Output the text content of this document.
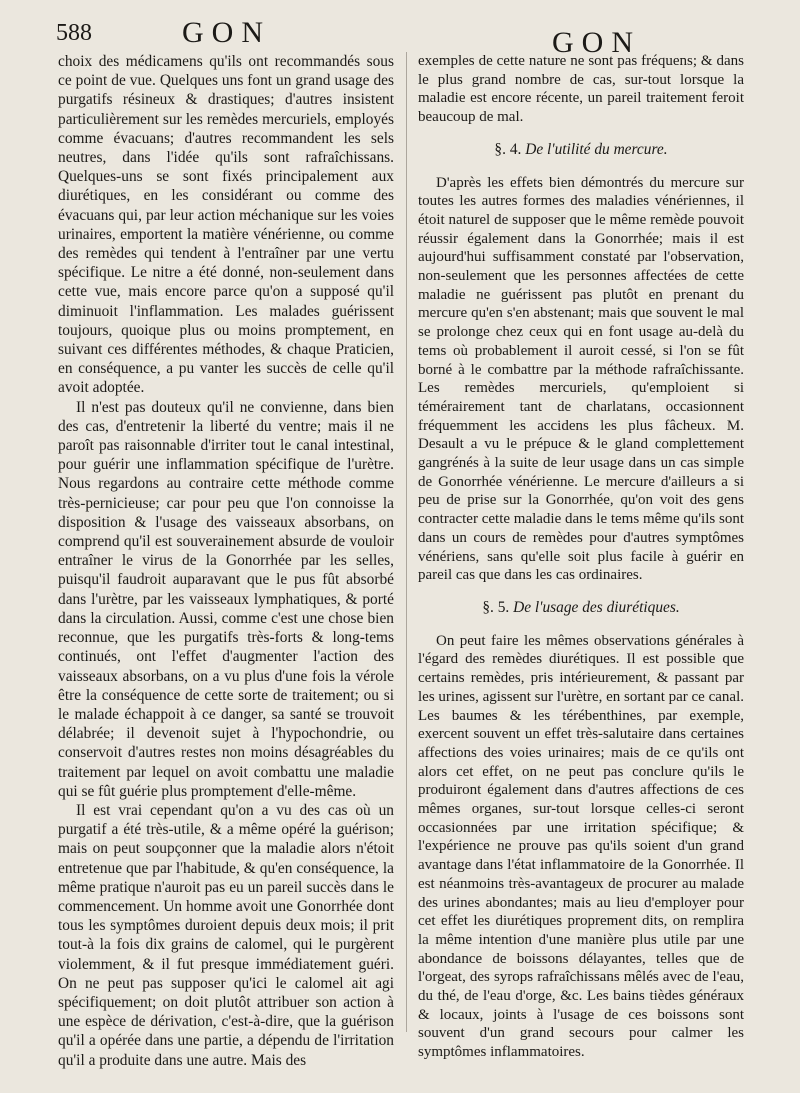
588	GON	GON

choix des médicamens qu'ils ont recommandés sous ce point de vue. Quelques uns font un grand usage des purgatifs résineux & drastiques; d'autres insistent particulièrement sur les remèdes mercuriels, employés comme évacuans; d'autres recommandent les sels neutres, dans l'idée qu'ils sont rafraîchissans. Quelques-uns se sont fixés principalement aux diurétiques, en les considérant ou comme des évacuans qui, par leur action méchanique sur les voies urinaires, emportent la matière vénérienne, ou comme des remèdes qui tendent à l'entraîner par une vertu spécifique. Le nitre a été donné, non-seulement dans cette vue, mais encore parce qu'on a supposé qu'il diminuoit l'inflammation. Les malades guérissent toujours, quoique plus ou moins promptement, en suivant ces différentes méthodes, & chaque Praticien, en conséquence, a pu vanter les succès de celle qu'il avoit adoptée.

Il n'est pas douteux qu'il ne convienne, dans bien des cas, d'entretenir la liberté du ventre; mais il ne paroît pas raisonnable d'irriter tout le canal intestinal, pour guérir une inflammation spécifique de l'urètre. Nous regardons au contraire cette méthode comme très-pernicieuse; car pour peu que l'on connoisse la disposition & l'usage des vaisseaux absorbans, on comprend qu'il est souverainement absurde de vouloir entraîner le virus de la Gonorrhée par les selles, puisqu'il faudroit auparavant que le pus fût absorbé dans l'urètre, par les vaisseaux lymphatiques, & porté dans la circulation. Aussi, comme c'est une chose bien reconnue, que les purgatifs très-forts & long-tems continués, ont l'effet d'augmenter l'action des vaisseaux absorbans, on a vu plus d'une fois la vérole être la conséquence de cette sorte de traitement; ou si le malade échappoit à ce danger, sa santé se trouvoit délabrée; il devenoit sujet à l'hypochondrie, ou conservoit d'autres restes non moins désagréables du traitement par lequel on avoit combattu une maladie qui se fût guérie plus promptement d'elle-même.

Il est vrai cependant qu'on a vu des cas où un purgatif a été très-utile, & a même opéré la guérison; mais on peut soupçonner que la maladie alors n'étoit entretenue que par l'habitude, & qu'en conséquence, la même pratique n'auroit pas eu un pareil succès dans le commencement. Un homme avoit une Gonorrhée dont tous les symptômes duroient depuis deux mois; il prit tout-à la fois dix grains de calomel, qui le purgèrent violemment, & il fut presque immédiatement guéri. On ne peut pas supposer qu'ici le calomel ait agi spécifiquement; on doit plutôt attribuer son action à une espèce de dérivation, c'est-à-dire, que la guérison qu'il a opérée dans une partie, a dépendu de l'irritation qu'il a produite dans une autre. Mais des

exemples de cette nature ne sont pas fréquens; & dans le plus grand nombre de cas, sur-tout lorsque la maladie est encore récente, un pareil traitement feroit beaucoup de mal.

§. 4. De l'utilité du mercure.

D'après les effets bien démontrés du mercure sur toutes les autres formes des maladies vénériennes, il étoit naturel de supposer que le même remède pouvoit réussir également dans la Gonorrhée; mais il est aujourd'hui suffisamment constaté par l'observation, non-seulement que les personnes affectées de cette maladie ne guérissent pas plutôt en prenant du mercure qu'en s'en abstenant; mais que souvent le mal se prolonge chez ceux qui en font usage au-delà du tems où probablement il auroit cessé, si l'on se fût borné à le combattre par la méthode rafraîchissante. Les remèdes mercuriels, qu'emploient si témérairement tant de charlatans, occasionnent fréquemment les accidens les plus fâcheux. M. Desault a vu le prépuce & le gland complettement gangrénés à la suite de leur usage dans un cas simple de Gonorrhée vénérienne. Le mercure d'ailleurs a si peu de prise sur la Gonorrhée, qu'on voit des gens contracter cette maladie dans le tems même qu'ils sont dans un cours de remèdes pour d'autres symptômes vénériens, sans qu'elle soit plus facile à guérir en pareil cas que dans les cas ordinaires.

§. 5. De l'usage des diurétiques.

On peut faire les mêmes observations générales à l'égard des remèdes diurétiques. Il est possible que certains remèdes, pris intérieurement, & passant par les urines, agissent sur l'urètre, en sortant par ce canal. Les baumes & les térébenthines, par exemple, exercent souvent un effet très-salutaire dans certaines affections des voies urinaires; mais de ce qu'ils ont alors cet effet, on ne peut pas conclure qu'ils le produiront également dans d'autres affections de ces mêmes organes, sur-tout lorsque celles-ci seront occasionnées par une irritation spécifique; & l'expérience ne prouve pas qu'ils soient d'un grand avantage dans l'état inflammatoire de la Gonorrhée. Il est néanmoins très-avantageux de procurer au malade des urines abondantes; mais au lieu d'employer pour cet effet les diurétiques proprement dits, on remplira la même intention d'une manière plus utile par une abondance de boissons délayantes, telles que de l'orgeat, des syrops rafraîchissans mêlés avec de l'eau, du thé, de l'eau d'orge, &c. Les bains tièdes généraux & locaux, joints à l'usage de ces boissons sont souvent d'un grand secours pour calmer les symptômes inflammatoires.
